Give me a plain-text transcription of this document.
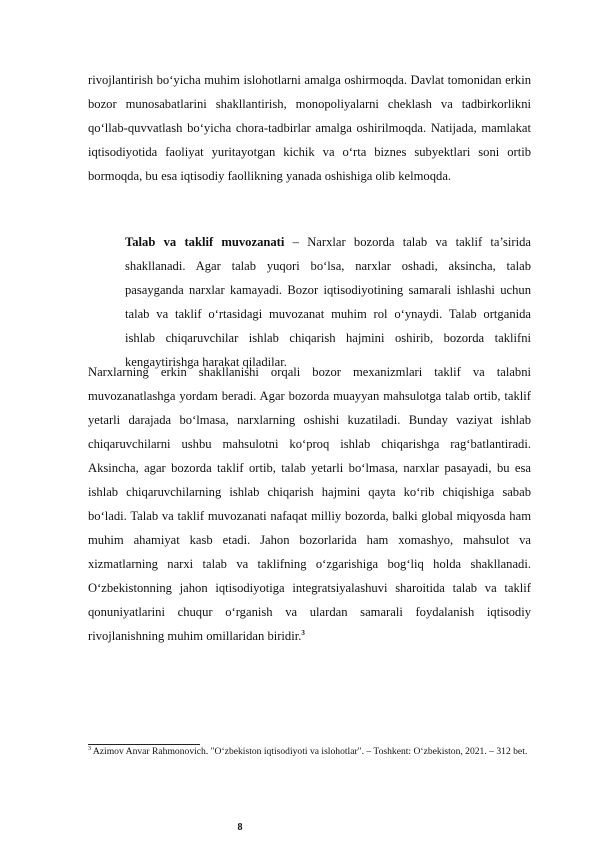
rivojlantirish bo‘yicha muhim islohotlarni amalga oshirmoqda. Davlat tomonidan erkin bozor munosabatlarini shakllantirish, monopoliyalarni cheklash va tadbirkorlikni qo‘llab-quvvatlash bo‘yicha chora-tadbirlar amalga oshirilmoqda. Natijada, mamlakat iqtisodiyotida faoliyat yuritayotgan kichik va o‘rta biznes subyektlari soni ortib bormoqda, bu esa iqtisodiy faollikning yanada oshishiga olib kelmoqda.
Talab va taklif muvozanati – Narxlar bozorda talab va taklif ta’sirida shakllanadi. Agar talab yuqori bo‘lsa, narxlar oshadi, aksincha, talab pasayganda narxlar kamayadi. Bozor iqtisodiyotining samarali ishlashi uchun talab va taklif o‘rtasidagi muvozanat muhim rol o‘ynaydi. Talab ortganida ishlab chiqaruvchilar ishlab chiqarish hajmini oshirib, bozorda taklifni kengaytirishga harakat qiladilar.
Narxlarning erkin shakllanishi orqali bozor mexanizmlari taklif va talabni muvozanatlashga yordam beradi. Agar bozorda muayyan mahsulotga talab ortib, taklif yetarli darajada bo‘lmasa, narxlarning oshishi kuzatiladi. Bunday vaziyat ishlab chiqaruvchilarni ushbu mahsulotni ko‘proq ishlab chiqarishga rag‘batlantiradi. Aksincha, agar bozorda taklif ortib, talab yetarli bo‘lmasa, narxlar pasayadi, bu esa ishlab chiqaruvchilarning ishlab chiqarish hajmini qayta ko‘rib chiqishiga sabab bo‘ladi. Talab va taklif muvozanati nafaqat milliy bozorda, balki global miqyosda ham muhim ahamiyat kasb etadi. Jahon bozorlarida ham xomashyo, mahsulot va xizmatlarning narxi talab va taklifning o‘zgarishiga bog‘liq holda shakllanadi. O‘zbekistonning jahon iqtisodiyotiga integratsiyalashuvi sharoitida talab va taklif qonuniyatlarini chuqur o‘rganish va ulardan samarali foydalanish iqtisodiy rivojlanishning muhim omillaridan biridir.$^3$
$^3$ Azimov Anvar Rahmonovich. "O‘zbekiston iqtisodiyoti va islohotlar". – Toshkent: O‘zbekiston, 2021. – 312 bet.
8
